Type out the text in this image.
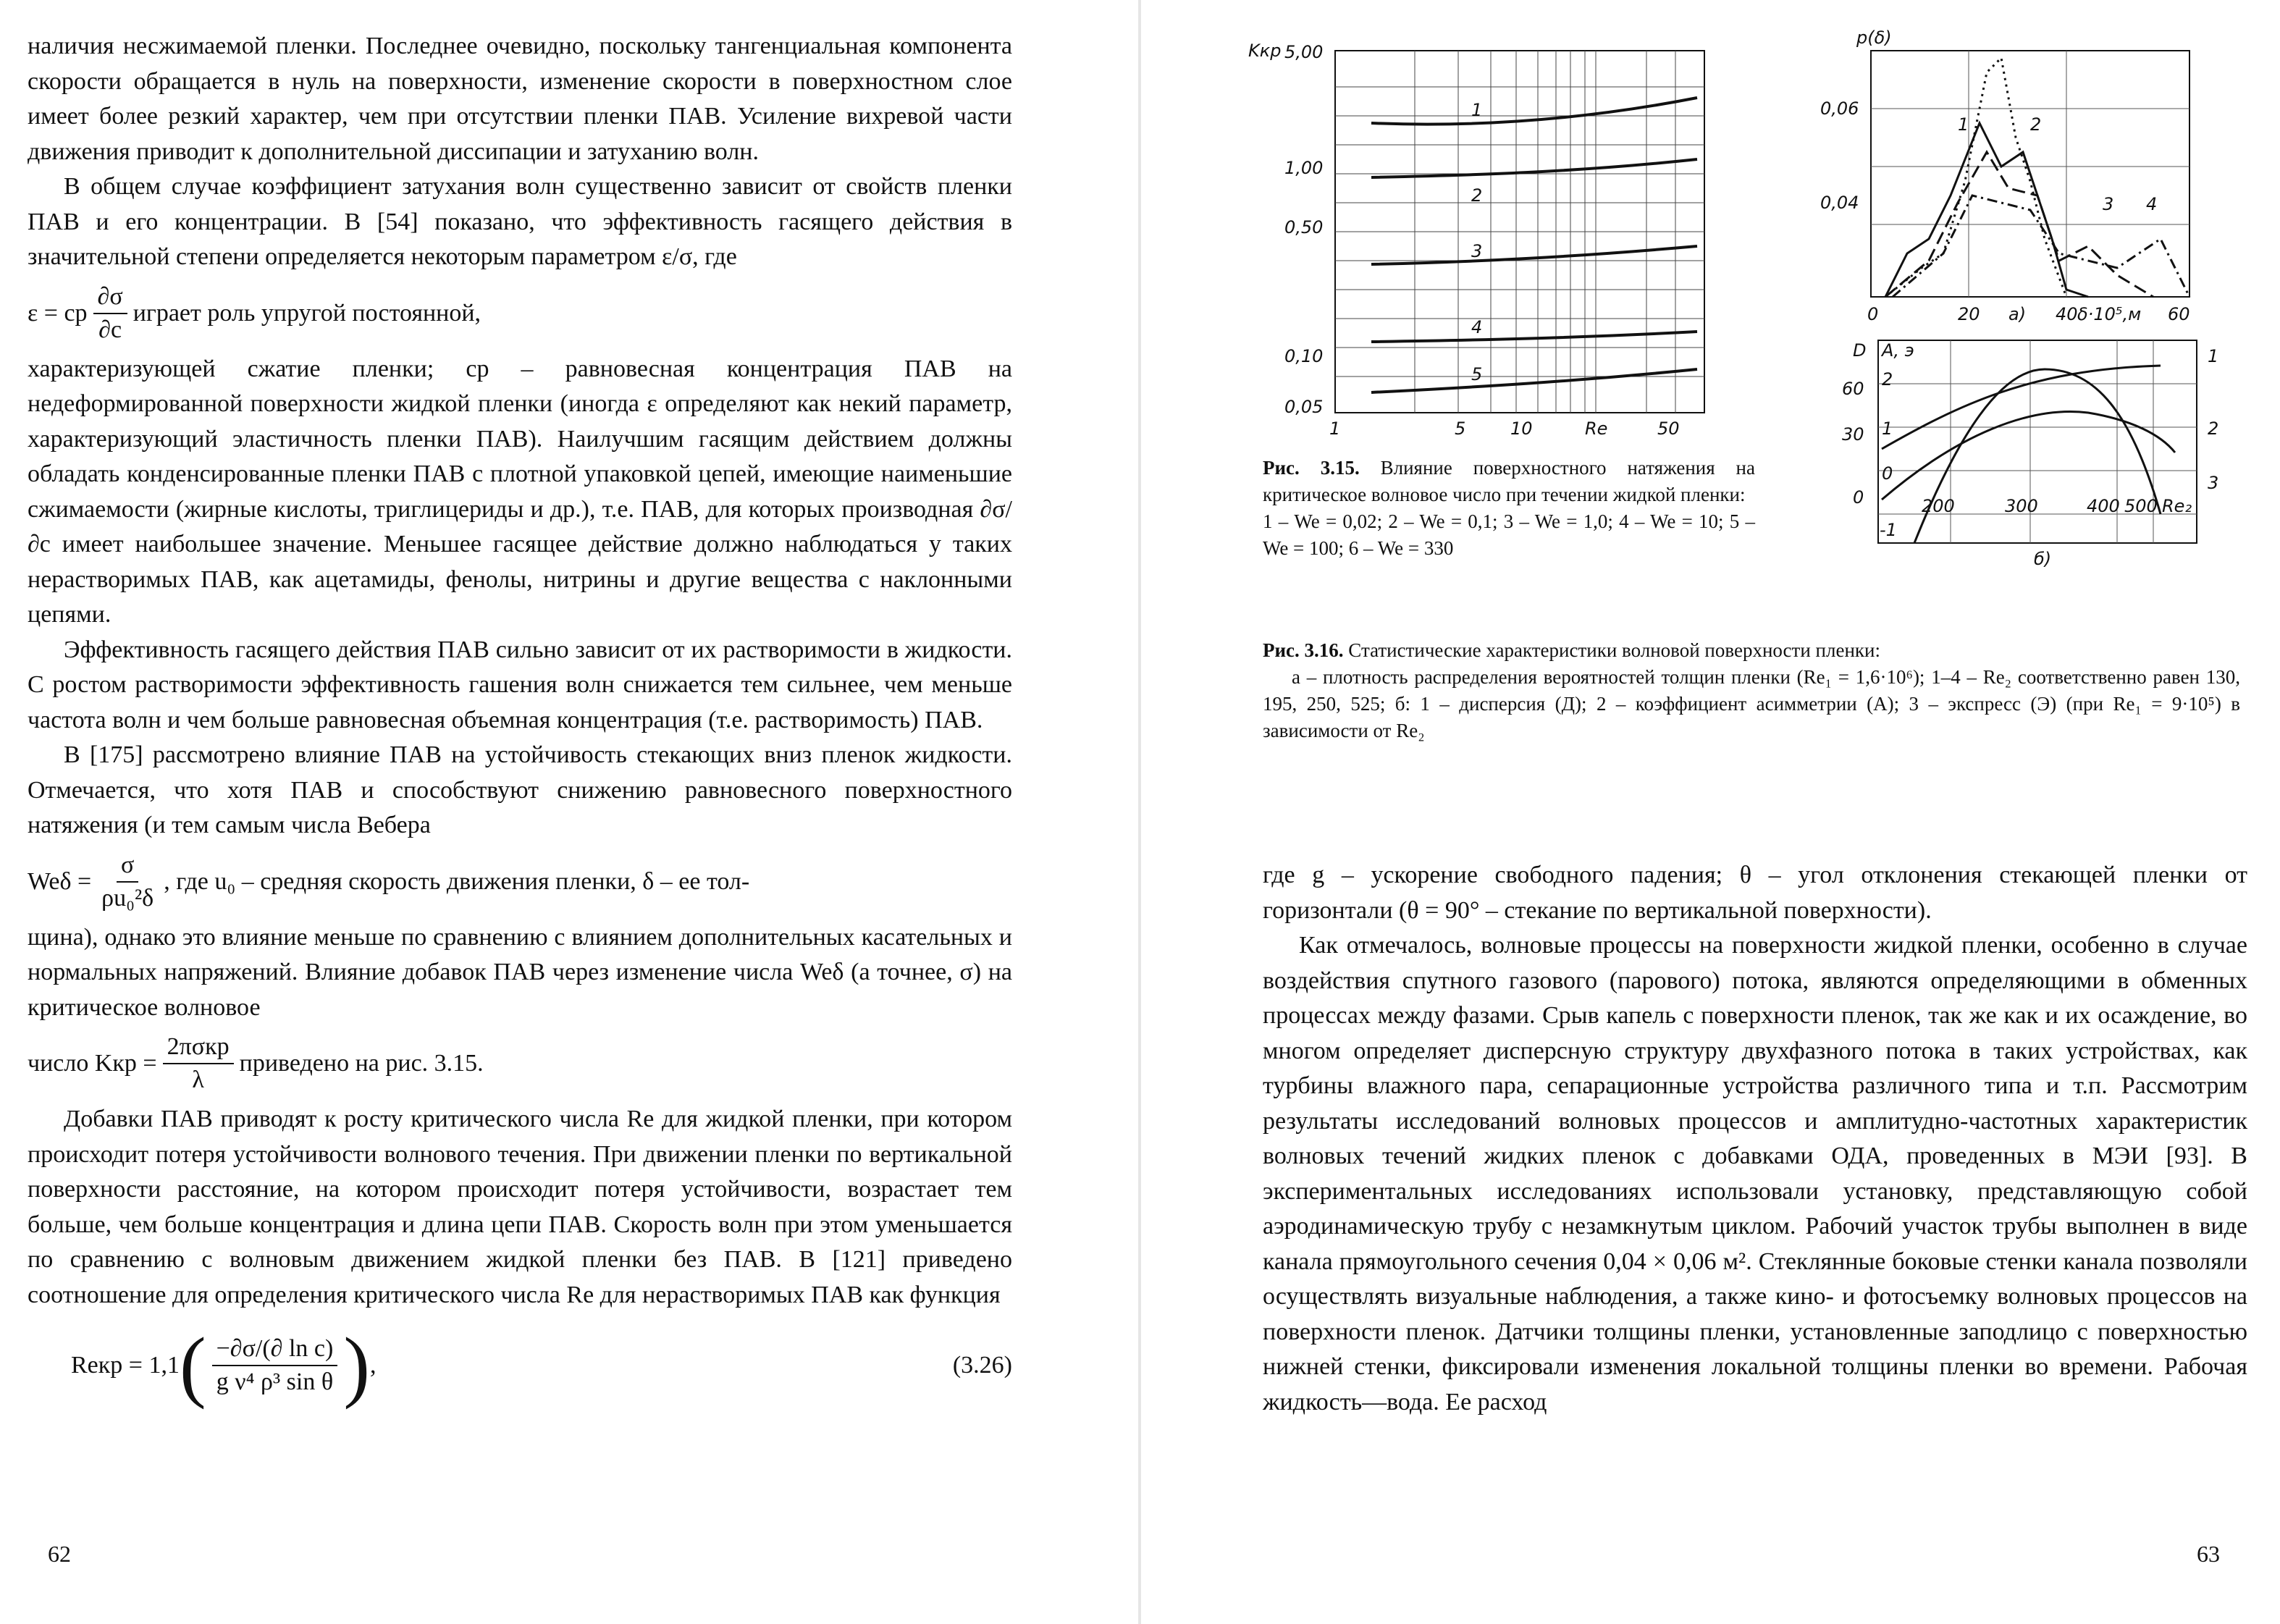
наличия несжимаемой пленки. Последнее очевидно, поскольку тангенциальная компонента скорости обращается в нуль на поверхности, изменение скорости в поверхностном слое имеет более резкий характер, чем при отсутствии пленки ПАВ. Усиление вихревой части движения приводит к дополнительной диссипации и затуханию волн.

В общем случае коэффициент затухания волн существенно зависит от свойств пленки ПАВ и его концентрации. В [54] показано, что эффективность гасящего действия в значительной степени определяется некоторым параметром ε/σ, где

ε = cp $\frac{\partial\sigma}{\partial c}$ играет роль упругой постоянной,

характеризующей сжатие пленки; cp – равновесная концентрация ПАВ на недеформированной поверхности жидкой пленки (иногда ε определяют как некий параметр, характеризующий эластичность пленки ПАВ). Наилучшим гасящим действием должны обладать конденсированные пленки ПАВ с плотной упаковкой цепей, имеющие наименьшие сжимаемости (жирные кислоты, триглицериды и др.), т.е. ПАВ, для которых производная ∂σ/∂c имеет наибольшее значение. Меньшее гасящее действие должно наблюдаться у таких нерастворимых ПАВ, как ацетамиды, фенолы, нитрины и другие вещества с наклонными цепями.

Эффективность гасящего действия ПАВ сильно зависит от их растворимости в жидкости. С ростом растворимости эффективность гашения волн снижается тем сильнее, чем меньше частота волн и чем больше равновесная объемная концентрация (т.е. растворимость) ПАВ.

В [175] рассмотрено влияние ПАВ на устойчивость стекающих вниз пленок жидкости. Отмечается, что хотя ПАВ и способствуют снижению равновесного поверхностного натяжения (и тем самым числа Вебера

$We\delta = \frac{\sigma}{\text{ρu₀²δ}}$ , где u₀ – средняя скорость движения пленки, δ – ее тол-

щина), однако это влияние меньше по сравнению с влиянием дополнительных касательных и нормальных напряжений. Влияние добавок ПАВ через изменение числа Weδ (а точнее, σ) на критическое волновое

число Kкр = $\frac{\text{2πσкр}}{\lambda}$ приведено на рис. 3.15.

Добавки ПАВ приводят к росту критического числа Re для жидкой пленки, при котором происходит потеря устойчивости волнового течения. При движении пленки по вертикальной поверхности расстояние, на котором происходит потеря устойчивости, возрастает тем больше, чем больше концентрация и длина цепи ПАВ. Скорость волн при этом уменьшается по сравнению с волновым движением жидкой пленки без ПАВ. В [121] приведено соотношение для определения критического числа Re для нерастворимых ПАВ как функция

Reкр = 1,1 ( $\frac{\text{−∂σ/(∂ ln c)}}{\text{g ν⁴ ρ³ sin θ}}$ ) ,	(3.26)
62
Kкр 5,00
1,00
0,50
0,10
0,05
1	5	10	Re	50
1
2
3
4
5
Рис. 3.15. Влияние поверхностного натяжения на критическое волновое число при течении жидкой пленки:
1 – We = 0,02; 2 – We = 0,1; 3 – We = 1,0; 4 – We = 10; 5 – We = 100; 6 – We = 330
p(δ)
0,06
0,04
0	20	40	60
δ·10⁵,м
а)
1	2
3 4
D А, э
60
30
0
2
1
0
-1
200	300	400 500 Re₂
б)
1
2
3
Рис. 3.16. Статистические характеристики волновой поверхности пленки:
а – плотность распределения вероятностей толщин пленки (Re₁ = 1,6·10⁶); 1–4 – Re₂ соответственно равен 130, 195, 250, 525; б: 1 – дисперсия (Д); 2 – коэффициент асимметрии (А); 3 – экспресс (Э) (при Re₁ = 9·10⁵) в зависимости от Re₂

где g – ускорение свободного падения; θ – угол отклонения стекающей пленки от горизонтали (θ = 90° – стекание по вертикальной поверхности).

Как отмечалось, волновые процессы на поверхности жидкой пленки, особенно в случае воздействия спутного газового (парового) потока, являются определяющими в обменных процессах между фазами. Срыв капель с поверхности пленок, так же как и их осаждение, во многом определяет дисперсную структуру двухфазного потока в таких устройствах, как турбины влажного пара, сепарационные устройства различного типа и т.п. Рассмотрим результаты исследований волновых процессов и амплитудно-частотных характеристик волновых течений жидких пленок с добавками ОДА, проведенных в МЭИ [93]. В экспериментальных исследованиях использовали установку, представляющую собой аэродинамическую трубу с незамкнутым циклом. Рабочий участок трубы выполнен в виде канала прямоугольного сечения 0,04 × 0,06 м². Стеклянные боковые стенки канала позволяли осуществлять визуальные наблюдения, а также кино- и фотосъемку волновых процессов на поверхности пленок. Датчики толщины пленки, установленные заподлицо с поверхностью нижней стенки, фиксировали изменения локальной толщины пленки во времени. Рабочая жидкость—вода. Ее расход

63
